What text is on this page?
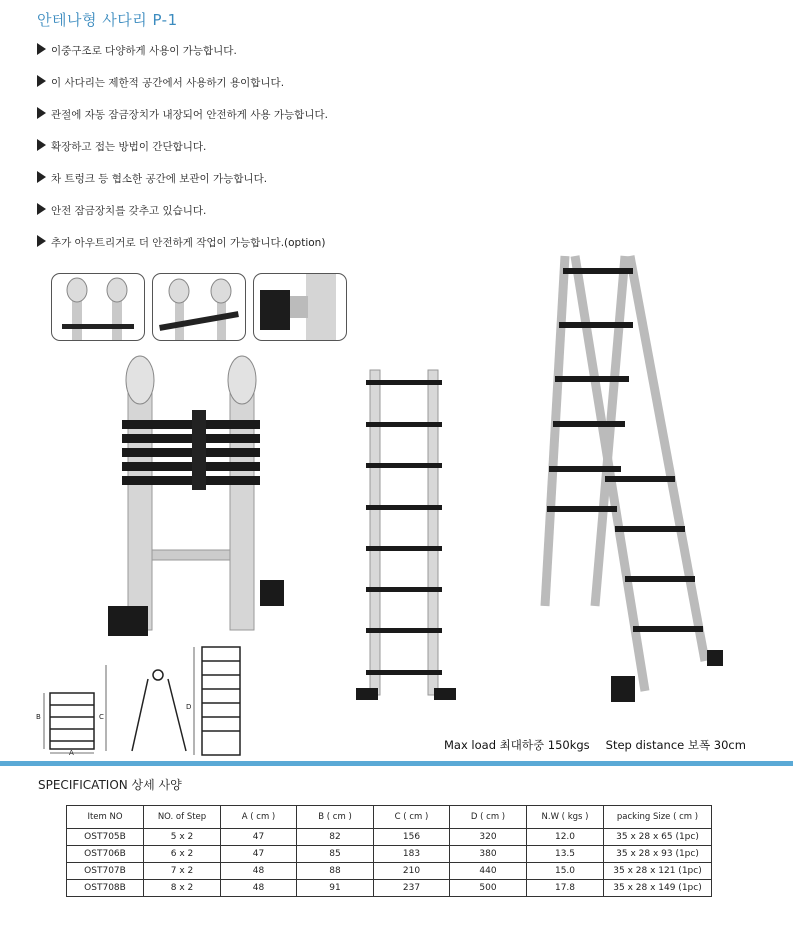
안테나형 사다리 P-1
이중구조로 다양하게 사용이 가능합니다.
이 사다리는 제한적 공간에서 사용하기 용이합니다.
관절에 자동 잠금장치가 내장되어 안전하게 사용 가능합니다.
확장하고 접는 방법이 간단합니다.
차 트렁크 등 협소한 공간에 보관이 가능합니다.
안전 잠금장치를 갖추고 있습니다.
추가 아우트리거로 더 안전하게 작업이 가능합니다.(option)
B
A
C
D
Max load 최대하중 150kgs Step distance 보폭 30cm
SPECIFICATION 상세 사양
Item NO	NO. of Step	A ( cm )	B ( cm )	C ( cm )	D ( cm )	N.W ( kgs )	packing Size ( cm )
OST705B	5 x 2	47	82	156	320	12.0	35 x 28 x 65 (1pc)
OST706B	6 x 2	47	85	183	380	13.5	35 x 28 x 93 (1pc)
OST707B	7 x 2	48	88	210	440	15.0	35 x 28 x 121 (1pc)
OST708B	8 x 2	48	91	237	500	17.8	35 x 28 x 149 (1pc)
